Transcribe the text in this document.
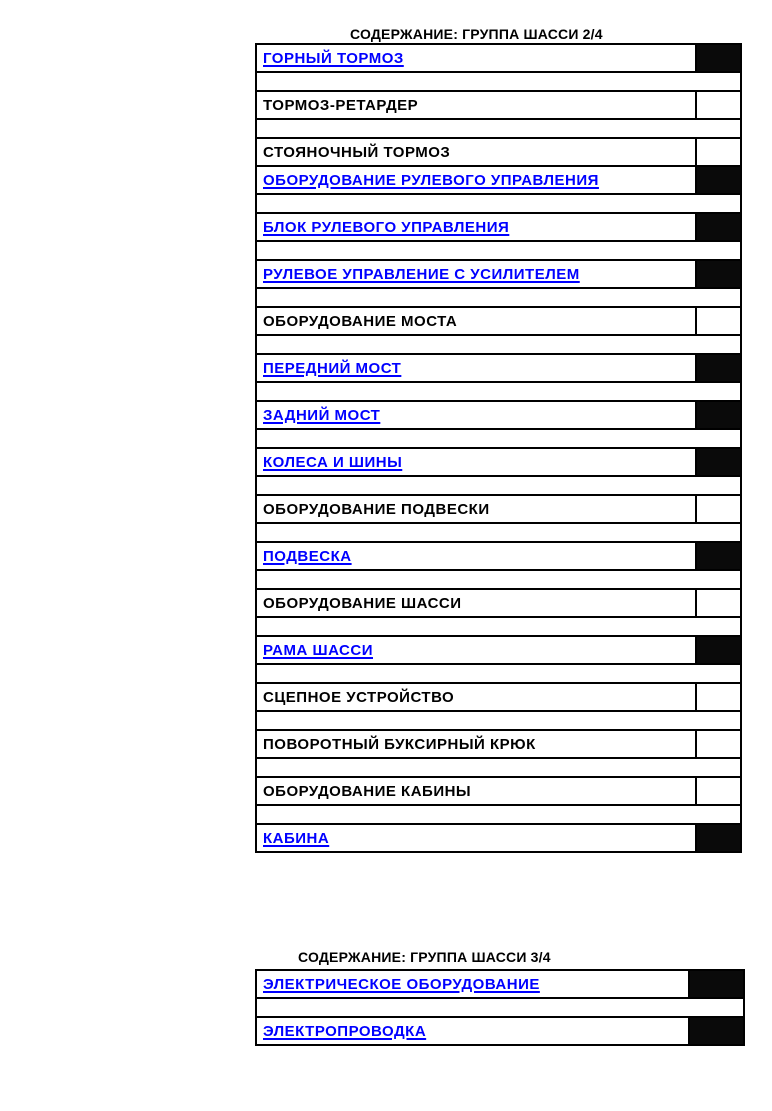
СОДЕРЖАНИЕ: ГРУППА ШАССИ 2/4
ГОРНЫЙ ТОРМОЗ
ТОРМОЗ-РЕТАРДЕР
СТОЯНОЧНЫЙ ТОРМОЗ
ОБОРУДОВАНИЕ РУЛЕВОГО УПРАВЛЕНИЯ
БЛОК РУЛЕВОГО УПРАВЛЕНИЯ
РУЛЕВОЕ УПРАВЛЕНИЕ С УСИЛИТЕЛЕМ
ОБОРУДОВАНИЕ МОСТА
ПЕРЕДНИЙ МОСТ
ЗАДНИЙ МОСТ
КОЛЕСА И ШИНЫ
ОБОРУДОВАНИЕ ПОДВЕСКИ
ПОДВЕСКА
ОБОРУДОВАНИЕ ШАССИ
РАМА ШАССИ
СЦЕПНОЕ УСТРОЙСТВО
ПОВОРОТНЫЙ БУКСИРНЫЙ КРЮК
ОБОРУДОВАНИЕ КАБИНЫ
КАБИНА
СОДЕРЖАНИЕ: ГРУППА ШАССИ 3/4
ЭЛЕКТРИЧЕСКОЕ ОБОРУДОВАНИЕ
ЭЛЕКТРОПРОВОДКА
